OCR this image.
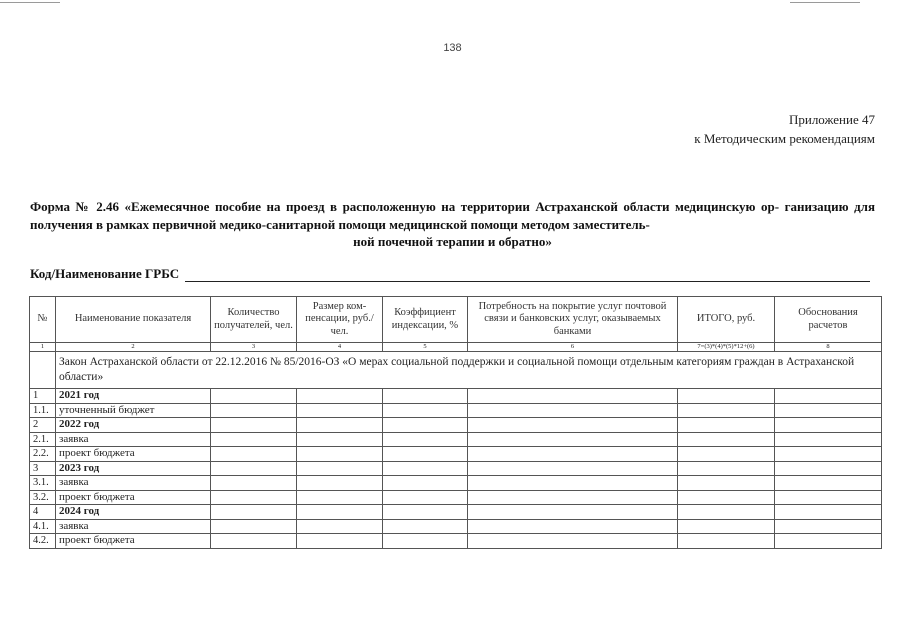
138
Приложение 47
к Методическим рекомендациям
Форма № 2.46 «Ежемесячное пособие на проезд в расположенную на территории Астраханской области медицинскую ор- ганизацию для получения в рамках первичной медико-санитарной помощи медицинской помощи методом заместитель-
ной почечной терапии и обратно»
Код/Наименование ГРБС
№	Наименование показателя	Количество получателей, чел.	Размер ком-пенсации, руб./чел.	Коэффициент индексации, %	Потребность на покрытие услуг почтовой связи и банковских услуг, оказываемых банками	ИТОГО, руб.	Обоснования расчетов
1	2	3	4	5	6	7=(3)*(4)*(5)*12+(6)	8
	Закон Астраханской области от 22.12.2016 № 85/2016-ОЗ «О мерах социальной поддержки и социальной помощи отдельным категориям граждан в Астраханской области»						
1	2021 год						
1.1.	уточненный бюджет						
2	2022 год						
2.1.	заявка						
2.2.	проект бюджета						
3	2023 год						
3.1.	заявка						
3.2.	проект бюджета						
4	2024 год						
4.1.	заявка						
4.2.	проект бюджета						
